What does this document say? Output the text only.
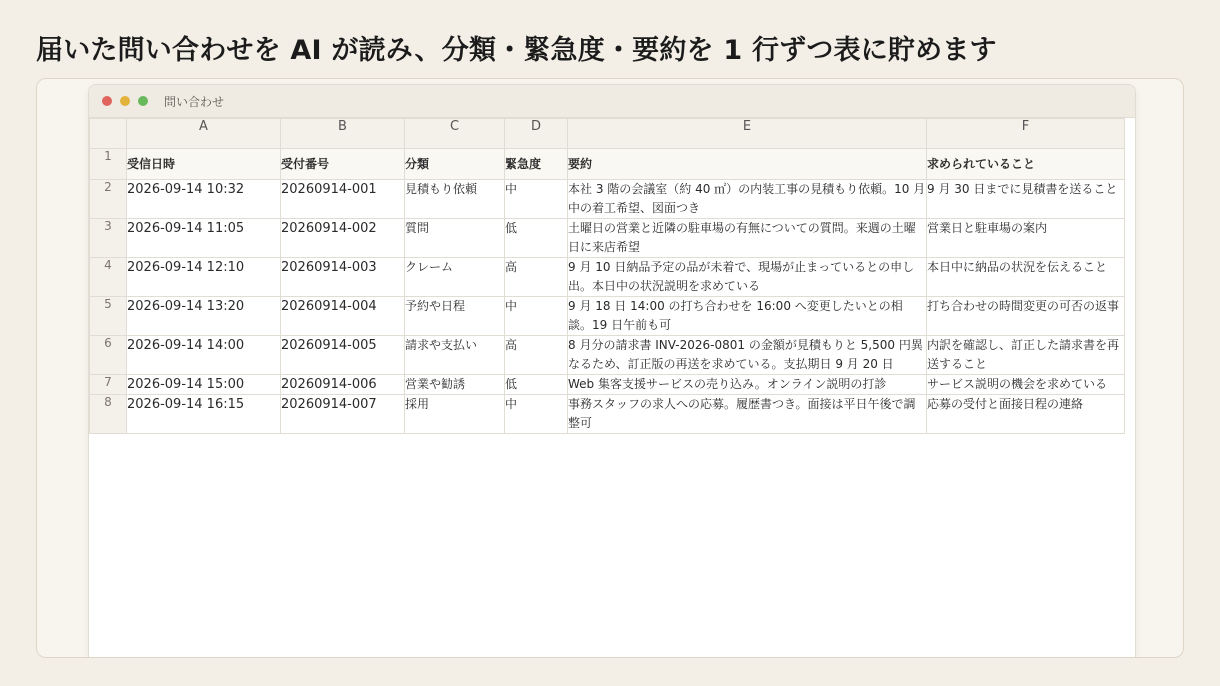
届いた問い合わせを AI が読み、分類・緊急度・要約を 1 行ずつ表に貯めます
問い合わせ
	A	B	C	D	E	F
1	受信日時	受付番号	分類	緊急度	要約	求められていること
2	2026-09-14 10:32	20260914-001	見積もり依頼	中	本社 3 階の会議室（約 40 ㎡）の内装工事の見積もり依頼。10 月中の着工希望、図面つき	9 月 30 日までに見積書を送ること
3	2026-09-14 11:05	20260914-002	質問	低	土曜日の営業と近隣の駐車場の有無についての質問。来週の土曜日に来店希望	営業日と駐車場の案内
4	2026-09-14 12:10	20260914-003	クレーム	高	9 月 10 日納品予定の品が未着で、現場が止まっているとの申し出。本日中の状況説明を求めている	本日中に納品の状況を伝えること
5	2026-09-14 13:20	20260914-004	予約や日程	中	9 月 18 日 14:00 の打ち合わせを 16:00 へ変更したいとの相談。19 日午前も可	打ち合わせの時間変更の可否の返事
6	2026-09-14 14:00	20260914-005	請求や支払い	高	8 月分の請求書 INV-2026-0801 の金額が見積もりと 5,500 円異なるため、訂正版の再送を求めている。支払期日 9 月 20 日	内訳を確認し、訂正した請求書を再送すること
7	2026-09-14 15:00	20260914-006	営業や勧誘	低	Web 集客支援サービスの売り込み。オンライン説明の打診	サービス説明の機会を求めている
8	2026-09-14 16:15	20260914-007	採用	中	事務スタッフの求人への応募。履歴書つき。面接は平日午後で調整可	応募の受付と面接日程の連絡
